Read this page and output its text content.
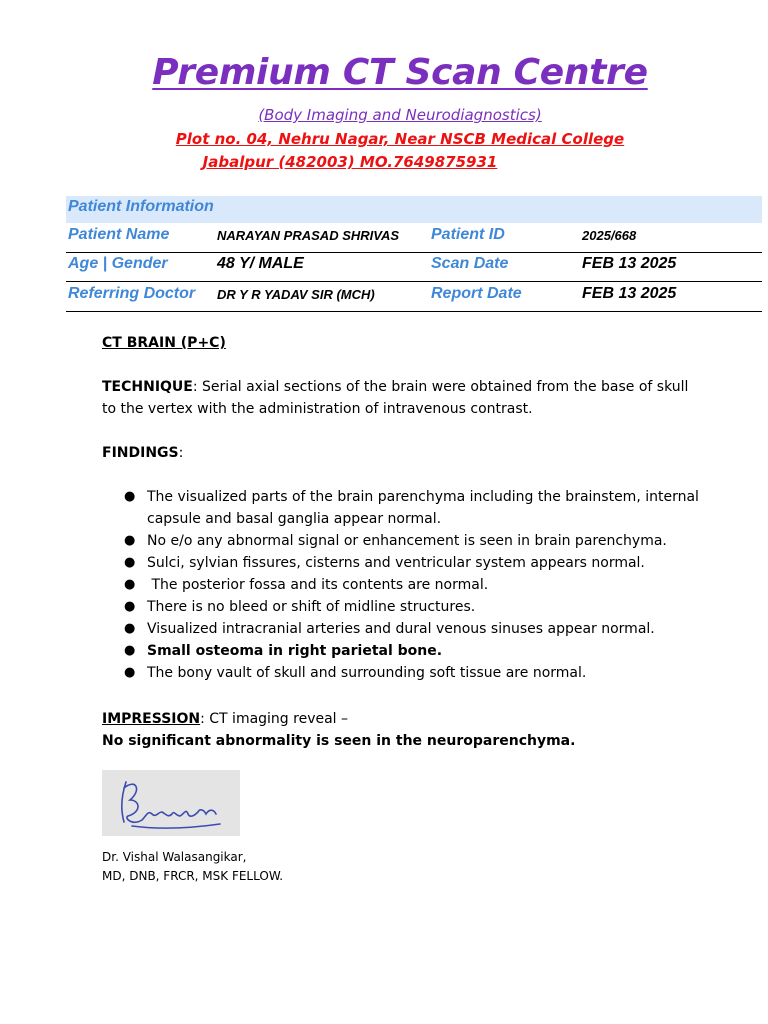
Premium CT Scan Centre
(Body Imaging and Neurodiagnostics)
Plot no. 04, Nehru Nagar, Near NSCB Medical College
Jabalpur (482003) MO.7649875931
Patient Information
Patient Name	NARAYAN PRASAD SHRIVAS Patient ID	2025/668
Age | Gender	48 Y/ MALE	Scan Date	FEB 13 2025
Referring Doctor DR Y R YADAV SIR (MCH)	Report Date	FEB 13 2025
CT BRAIN (P+C)
TECHNIQUE: Serial axial sections of the brain were obtained from the base of skull to the vertex with the administration of intravenous contrast.
FINDINGS:
● The visualized parts of the brain parenchyma including the brainstem, internal capsule and basal ganglia appear normal.
● No e/o any abnormal signal or enhancement is seen in brain parenchyma.
● Sulci, sylvian fissures, cisterns and ventricular system appears normal.
● The posterior fossa and its contents are normal.
● There is no bleed or shift of midline structures.
● Visualized intracranial arteries and dural venous sinuses appear normal.
● Small osteoma in right parietal bone.
● The bony vault of skull and surrounding soft tissue are normal.
IMPRESSION: CT imaging reveal –
No significant abnormality is seen in the neuroparenchyma.
Dr. Vishal Walasangikar,
MD, DNB, FRCR, MSK FELLOW.
